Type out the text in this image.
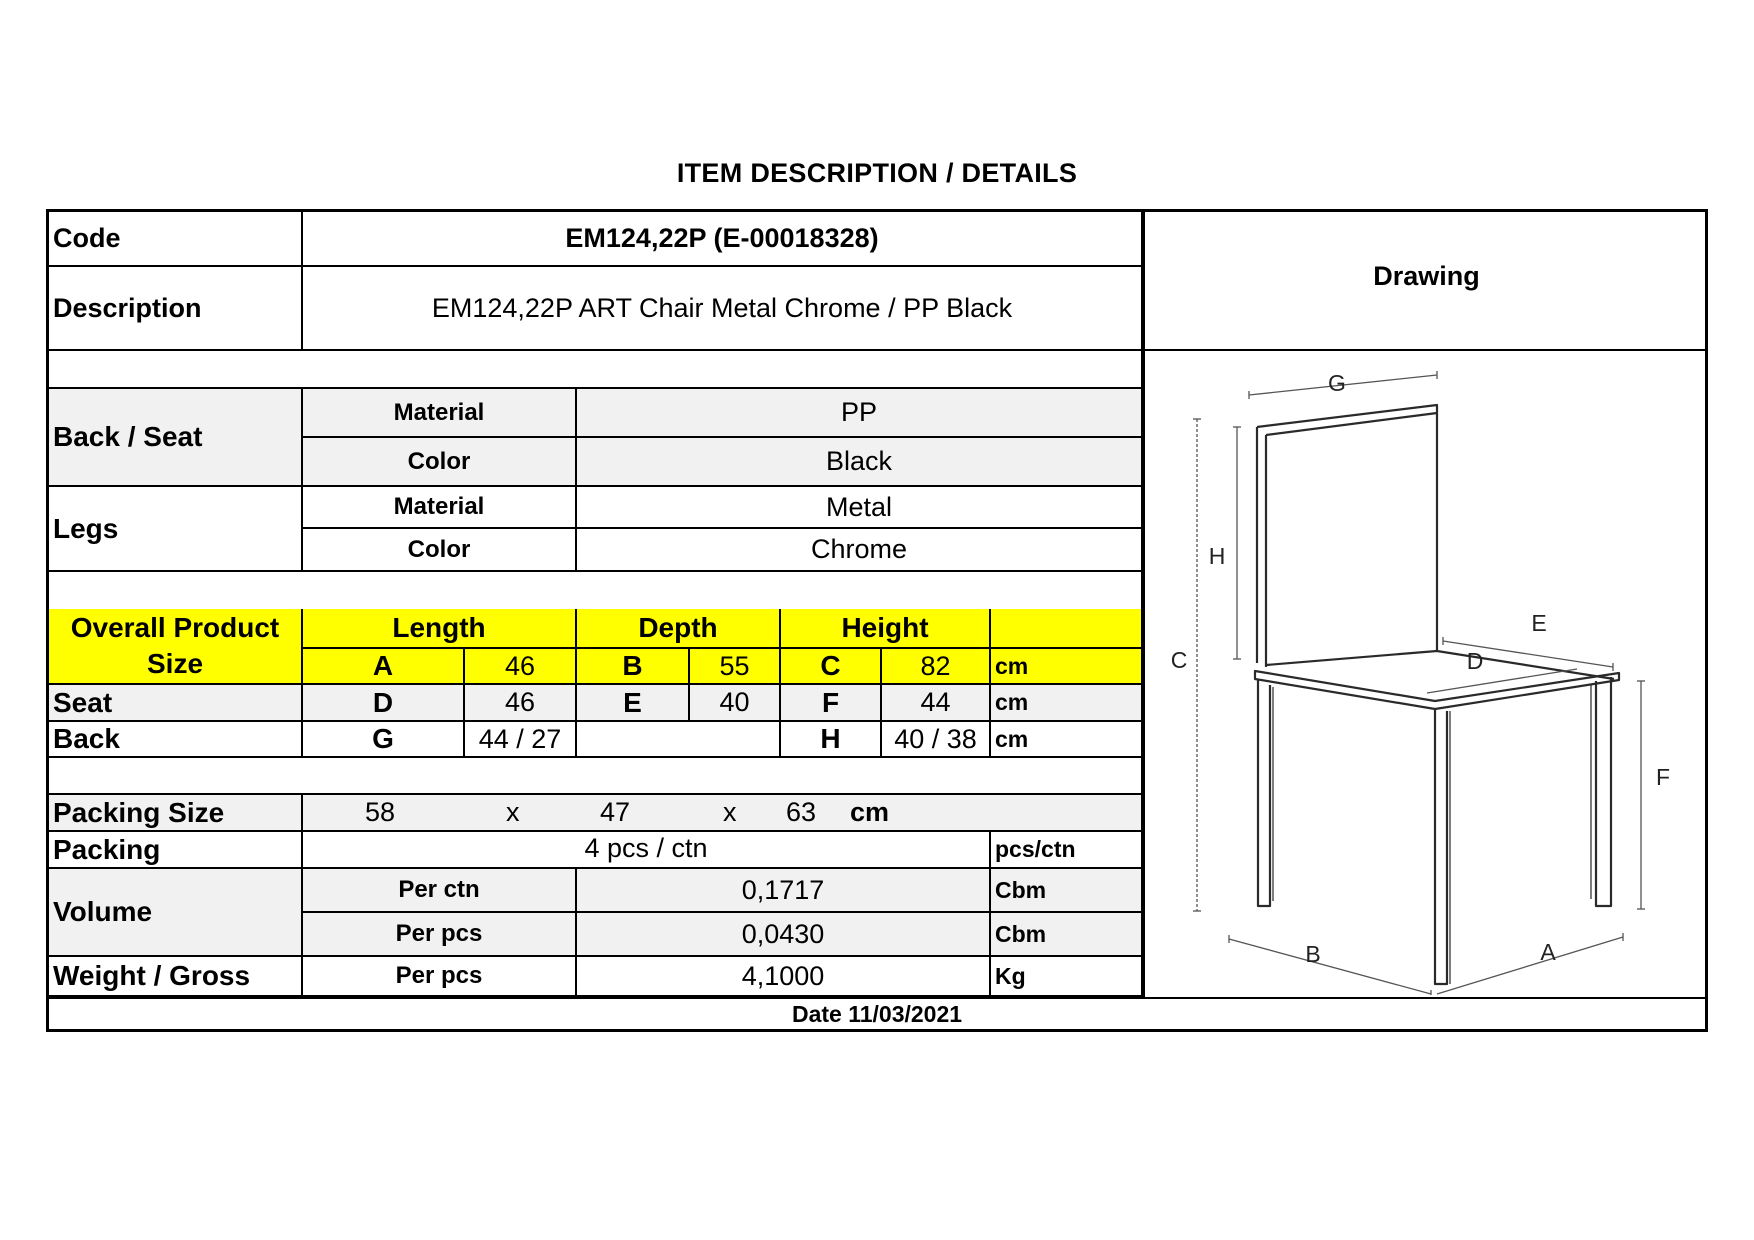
ITEM DESCRIPTION / DETAILS
Code	EM124,22P (E-00018328)
Description	EM124,22P ART Chair Metal Chrome / PP Black
Back / Seat
Material	PP
Color	Black
Legs
Material	Metal
Color	Chrome
Overall Product Size
Length	Depth	Height
A	46	B	55	C	82	cm
Seat	D	46	E	40	F	44	cm
Back	G	44 / 27	H	40 / 38 cm
Packing Size	58	x	47	x 63 cm
Packing	4 pcs / ctn	pcs/ctn
Volume
Per ctn	0,1717	Cbm
Per pcs	0,0430	Cbm
Weight / Gross	Per pcs	4,1000	Kg
Date 11/03/2021
Drawing
G
H
C
E
D
F
B	A
